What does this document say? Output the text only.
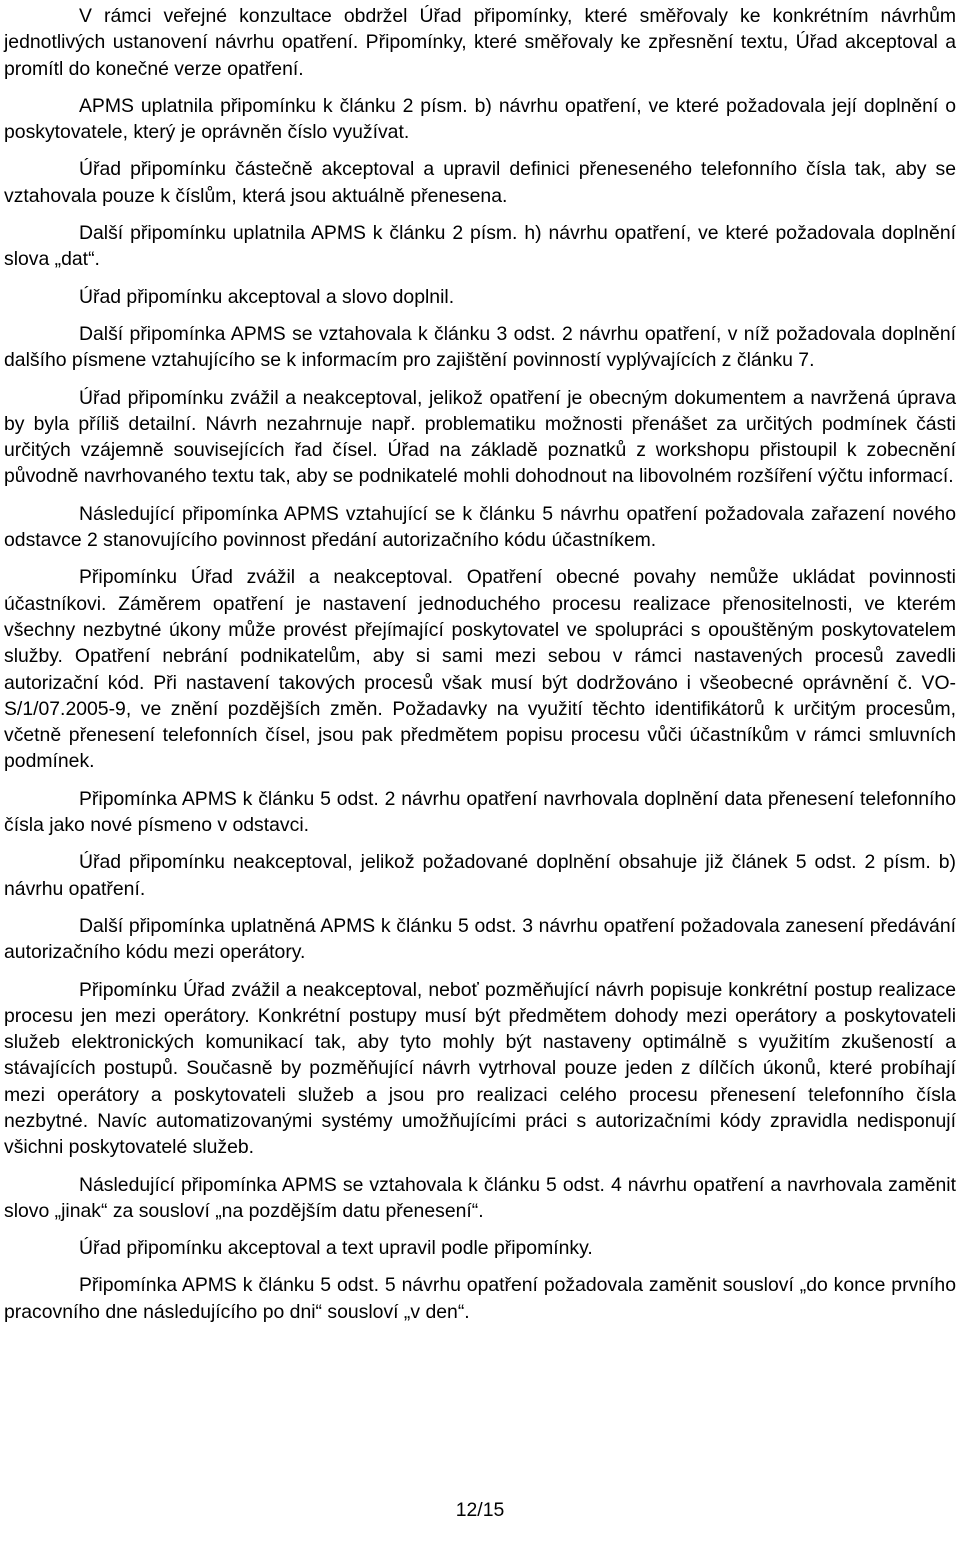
V rámci veřejné konzultace obdržel Úřad připomínky, které směřovaly ke konkrétním návrhům jednotlivých ustanovení návrhu opatření. Připomínky, které směřovaly ke zpřesnění textu, Úřad akceptoval a promítl do konečné verze opatření.

APMS uplatnila připomínku k článku 2 písm. b) návrhu opatření, ve které požadovala její doplnění o poskytovatele, který je oprávněn číslo využívat.

Úřad připomínku částečně akceptoval a upravil definici přeneseného telefonního čísla tak, aby se vztahovala pouze k číslům, která jsou aktuálně přenesena.

Další připomínku uplatnila APMS k článku 2 písm. h) návrhu opatření, ve které požadovala doplnění slova „dat“.

Úřad připomínku akceptoval a slovo doplnil.

Další připomínka APMS se vztahovala k článku 3 odst. 2 návrhu opatření, v níž požadovala doplnění dalšího písmene vztahujícího se k informacím pro zajištění povinností vyplývajících z článku 7.

Úřad připomínku zvážil a neakceptoval, jelikož opatření je obecným dokumentem a navržená úprava by byla příliš detailní. Návrh nezahrnuje např. problematiku možnosti přenášet za určitých podmínek části určitých vzájemně souvisejících řad čísel. Úřad na základě poznatků z workshopu přistoupil k zobecnění původně navrhovaného textu tak, aby se podnikatelé mohli dohodnout na libovolném rozšíření výčtu informací.

Následující připomínka APMS vztahující se k článku 5 návrhu opatření požadovala zařazení nového odstavce 2 stanovujícího povinnost předání autorizačního kódu účastníkem.

Připomínku Úřad zvážil a neakceptoval. Opatření obecné povahy nemůže ukládat povinnosti účastníkovi. Záměrem opatření je nastavení jednoduchého procesu realizace přenositelnosti, ve kterém všechny nezbytné úkony může provést přejímající poskytovatel ve spolupráci s opouštěným poskytovatelem služby. Opatření nebrání podnikatelům, aby si sami mezi sebou v rámci nastavených procesů zavedli autorizační kód. Při nastavení takových procesů však musí být dodržováno i všeobecné oprávnění č. VO-S/1/07.2005-9, ve znění pozdějších změn. Požadavky na využití těchto identifikátorů k určitým procesům, včetně přenesení telefonních čísel, jsou pak předmětem popisu procesu vůči účastníkům v rámci smluvních podmínek.

Připomínka APMS k článku 5 odst. 2 návrhu opatření navrhovala doplnění data přenesení telefonního čísla jako nové písmeno v odstavci.

Úřad připomínku neakceptoval, jelikož požadované doplnění obsahuje již článek 5 odst. 2 písm. b) návrhu opatření.

Další připomínka uplatněná APMS k článku 5 odst. 3 návrhu opatření požadovala zanesení předávání autorizačního kódu mezi operátory.

Připomínku Úřad zvážil a neakceptoval, neboť pozměňující návrh popisuje konkrétní postup realizace procesu jen mezi operátory. Konkrétní postupy musí být předmětem dohody mezi operátory a poskytovateli služeb elektronických komunikací tak, aby tyto mohly být nastaveny optimálně s využitím zkušeností a stávajících postupů. Současně by pozměňující návrh vytrhoval pouze jeden z dílčích úkonů, které probíhají mezi operátory a poskytovateli služeb a jsou pro realizaci celého procesu přenesení telefonního čísla nezbytné. Navíc automatizovanými systémy umožňujícími práci s autorizačními kódy zpravidla nedisponují všichni poskytovatelé služeb.

Následující připomínka APMS se vztahovala k článku 5 odst. 4 návrhu opatření a navrhovala zaměnit slovo „jinak“ za sousloví „na pozdějším datu přenesení“.

Úřad připomínku akceptoval a text upravil podle připomínky.

Připomínka APMS k článku 5 odst. 5 návrhu opatření požadovala zaměnit sousloví „do konce prvního pracovního dne následujícího po dni“ sousloví „v den“.

12/15
